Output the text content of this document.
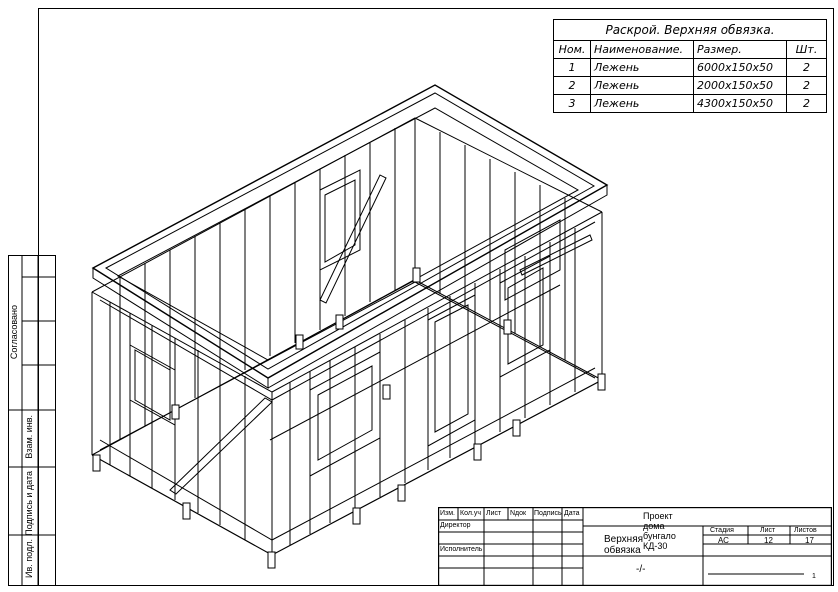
Согласовано
Взам. инв.
Подпись и дата
Ив. подл.
Раскрой. Верхняя обвязка.			
Ном.	Наименование.	Размер.	Шт.
1	Лежень	6000x150x50	2
2	Лежень	2000x150x50	2
3	Лежень	4300x150x50	2
Изм. Кол.уч Лист Nдок Подпись Дата
Директор
Исполнитель
Проект дома бунгало КД-30
Верхняя обвязка
Стадия	Лист	Листов
АС	12	17
-/-
1
